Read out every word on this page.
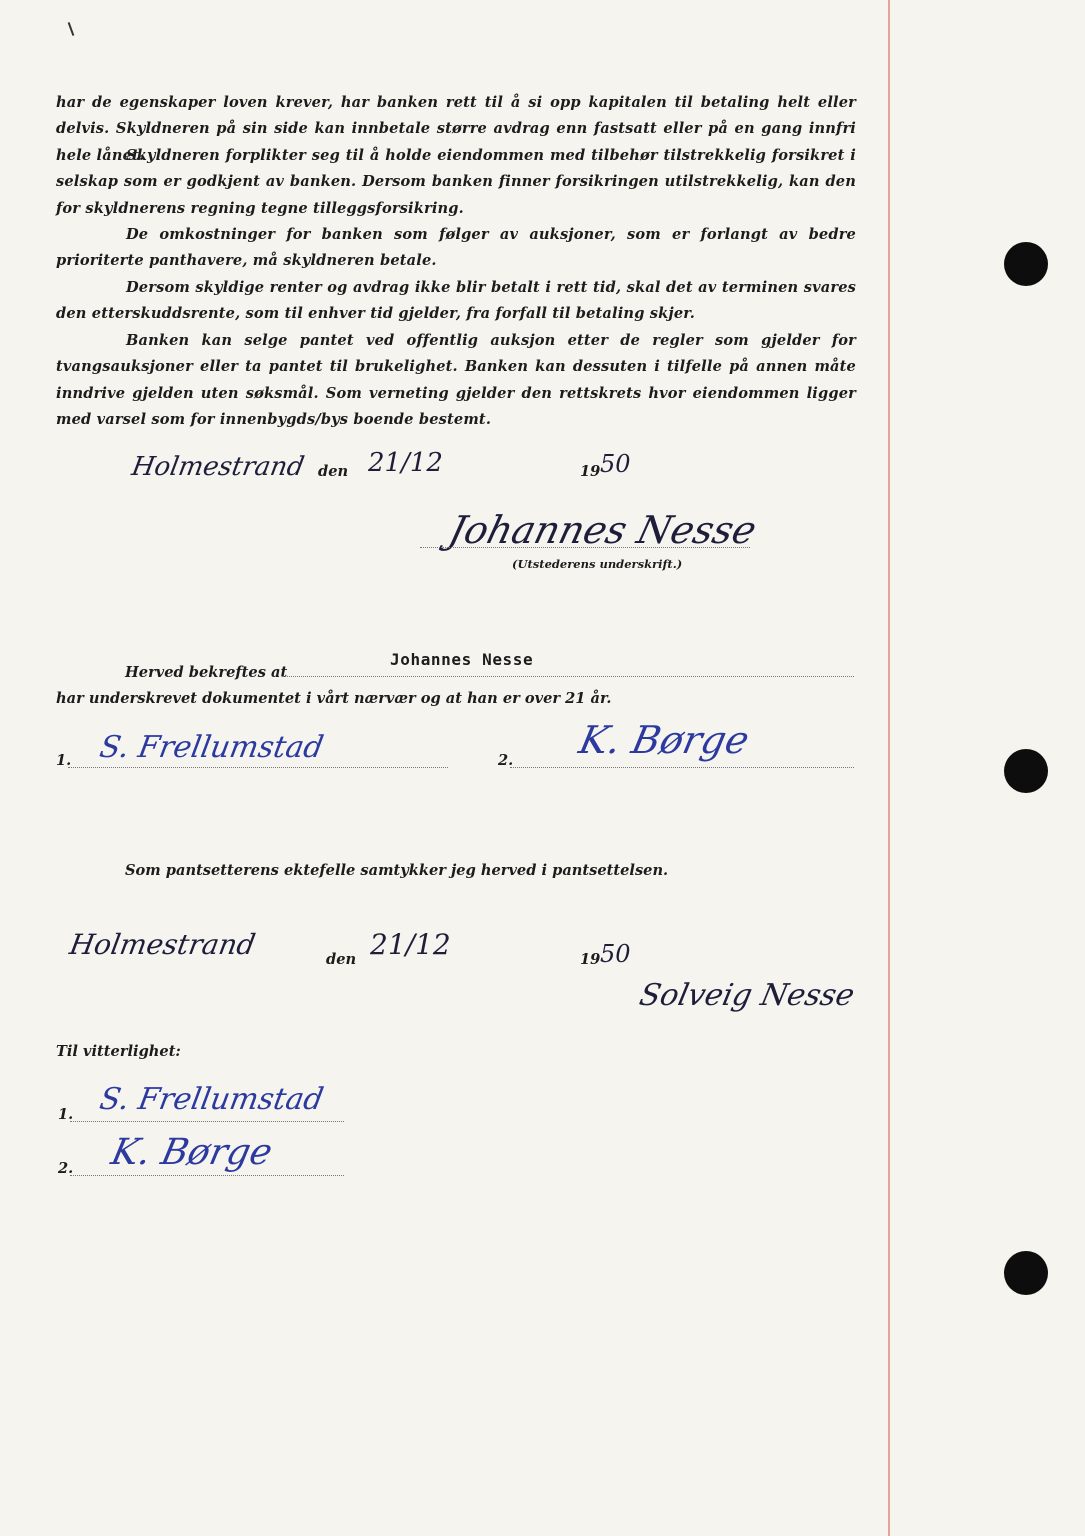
har de egenskaper loven krever, har banken rett til å si opp kapitalen til betaling helt eller delvis. Skyldneren på sin side kan innbetale større avdrag enn fastsatt eller på en gang innfri hele lånet.

Skyldneren forplikter seg til å holde eiendommen med tilbehør tilstrekkelig forsikret i selskap som er godkjent av banken. Dersom banken finner forsikringen utilstrekkelig, kan den for skyldnerens regning tegne tilleggsforsikring.

De omkostninger for banken som følger av auksjoner, som er forlangt av bedre prioriterte panthavere, må skyldneren betale.

Dersom skyldige renter og avdrag ikke blir betalt i rett tid, skal det av terminen svares den etterskuddsrente, som til enhver tid gjelder, fra forfall til betaling skjer.

Banken kan selge pantet ved offentlig auksjon etter de regler som gjelder for tvangsauksjoner eller ta pantet til brukelighet. Banken kan dessuten i tilfelle på annen måte inndrive gjelden uten søksmål. Som verneting gjelder den rettskrets hvor eiendommen ligger med varsel som for innenbygds/bys boende bestemt.

Holmestrand den 21/12	19 50
Johannes Nesse
(Utstederens underskrift.)
Herved bekreftes at
Johannes Nesse
har underskrevet dokumentet i vårt nærvær og at han er over 21 år.
1. S. Frellumstad	2. K. Børge
Som pantsetterens ektefelle samtykker jeg herved i pantsettelsen.
Holmestrand	den 21/12	19 50
Solveig Nesse
Til vitterlighet:
1. S. Frellumstad
2. K. Børge
